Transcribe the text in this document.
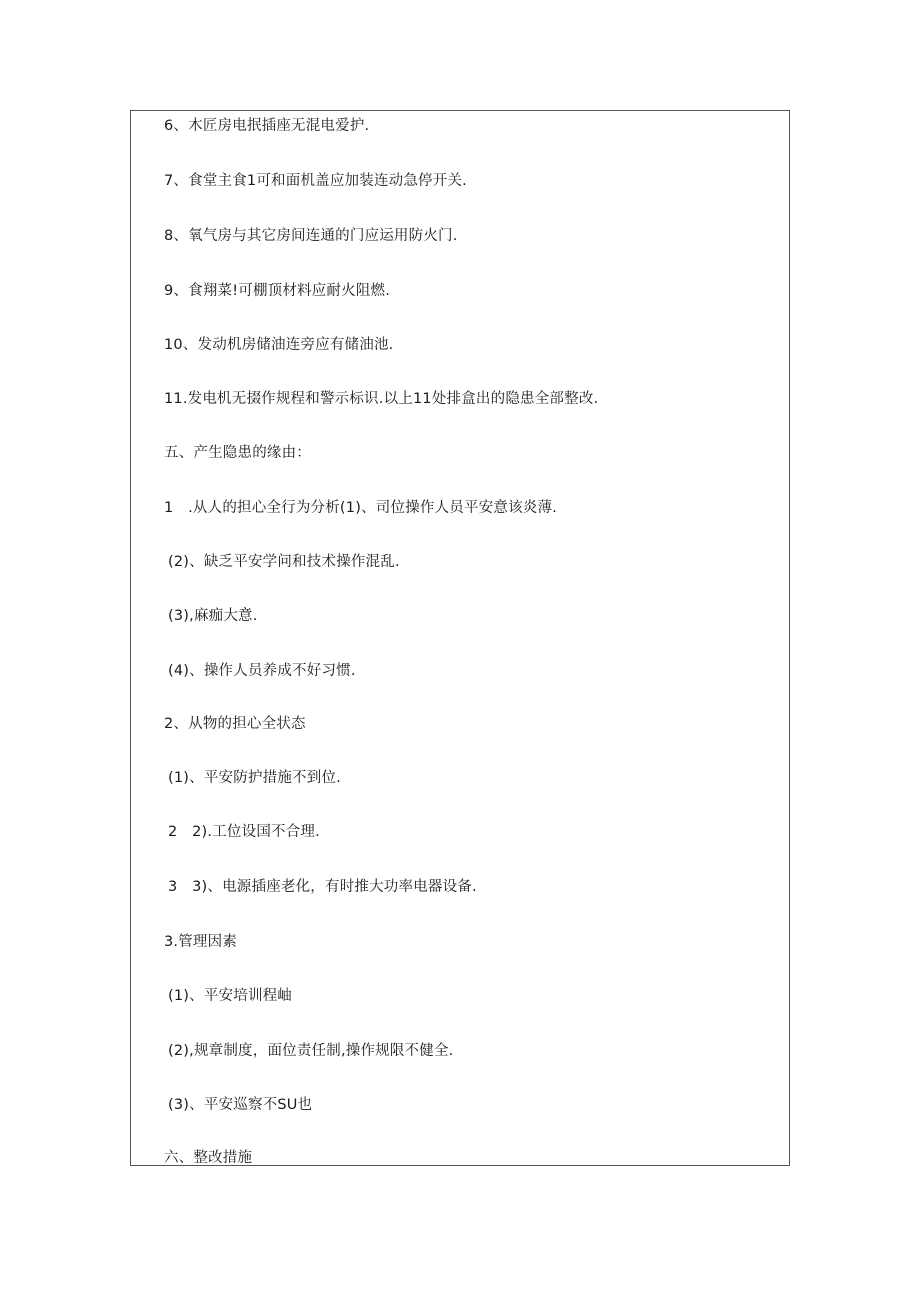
6、木匠房电抿插座无混电爱护.
7、食堂主食1可和面机盖应加装连动急停开关.
8、氧气房与其它房间连通的门应运用防火门.
9、食翔菜!可棚顶材料应耐火阻燃.
10、发动机房储油连旁应有储油池.
11.发电机无掇作规程和警示标识.以上11处排盒出的隐患全部整改.
五、产生隐患的缘由：
1　.从人的担心全行为分析(1)、司位操作人员平安意该炎薄.
(2)、缺乏平安学问和技术操作混乱.
(3),麻痂大意.
(4)、操作人员养成不好习惯.
2、从物的担心全状态
(1)、平安防护措施不到位.
2　2).工位设国不合理.
3　3)、电源插座老化，有时推大功率电器设备.
3.管理因素
(1)、平安培训程岫
(2),规章制度，面位责任制,操作规限不健全.
(3)、平安巡察不SU也
六、整改措施
